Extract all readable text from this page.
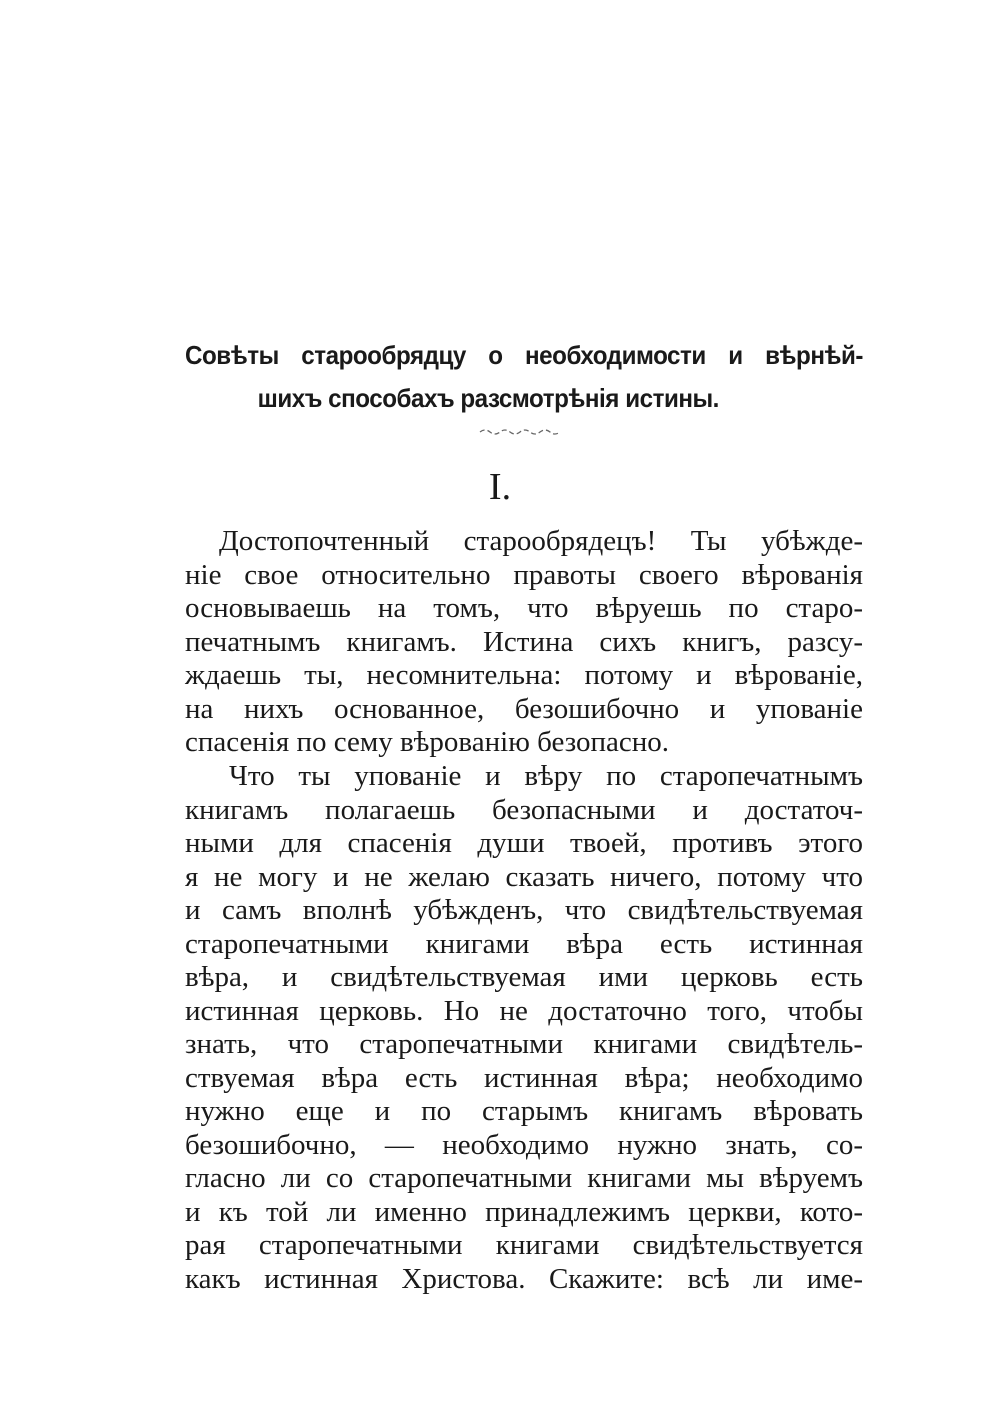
Совѣты старообрядцу о необходимости и вѣрнѣй-
шихъ способахъ разсмотрѣнія истины.
I.
Достопочтенный старообрядецъ! Ты убѣжде-
ніе свое относительно правоты своего вѣрованія
основываешь на томъ, что вѣруешь по старо-
печатнымъ книгамъ. Истина сихъ книгъ, разсу-
ждаешь ты, несомнительна: потому и вѣрованіе,
на нихъ основанное, безошибочно и упованіе
спасенія по сему вѣрованію безопасно.
Что ты упованіе и вѣру по старопечатнымъ
книгамъ полагаешь безопасными и достаточ-
ными для спасенія души твоей, противъ этого
я не могу и не желаю сказать ничего, потому что
и самъ вполнѣ убѣжденъ, что свидѣтельствуемая
старопечатными книгами вѣра есть истинная
вѣра, и свидѣтельствуемая ими церковь есть
истинная церковь. Но не достаточно того, чтобы
знать, что старопечатными книгами свидѣтель-
ствуемая вѣра есть истинная вѣра; необходимо
нужно еще и по старымъ книгамъ вѣровать
безошибочно, — необходимо нужно знать, со-
гласно ли со старопечатными книгами мы вѣруемъ
и къ той ли именно принадлежимъ церкви, кото-
рая старопечатными книгами свидѣтельствуется
какъ истинная Христова. Скажите: всѣ ли име-
